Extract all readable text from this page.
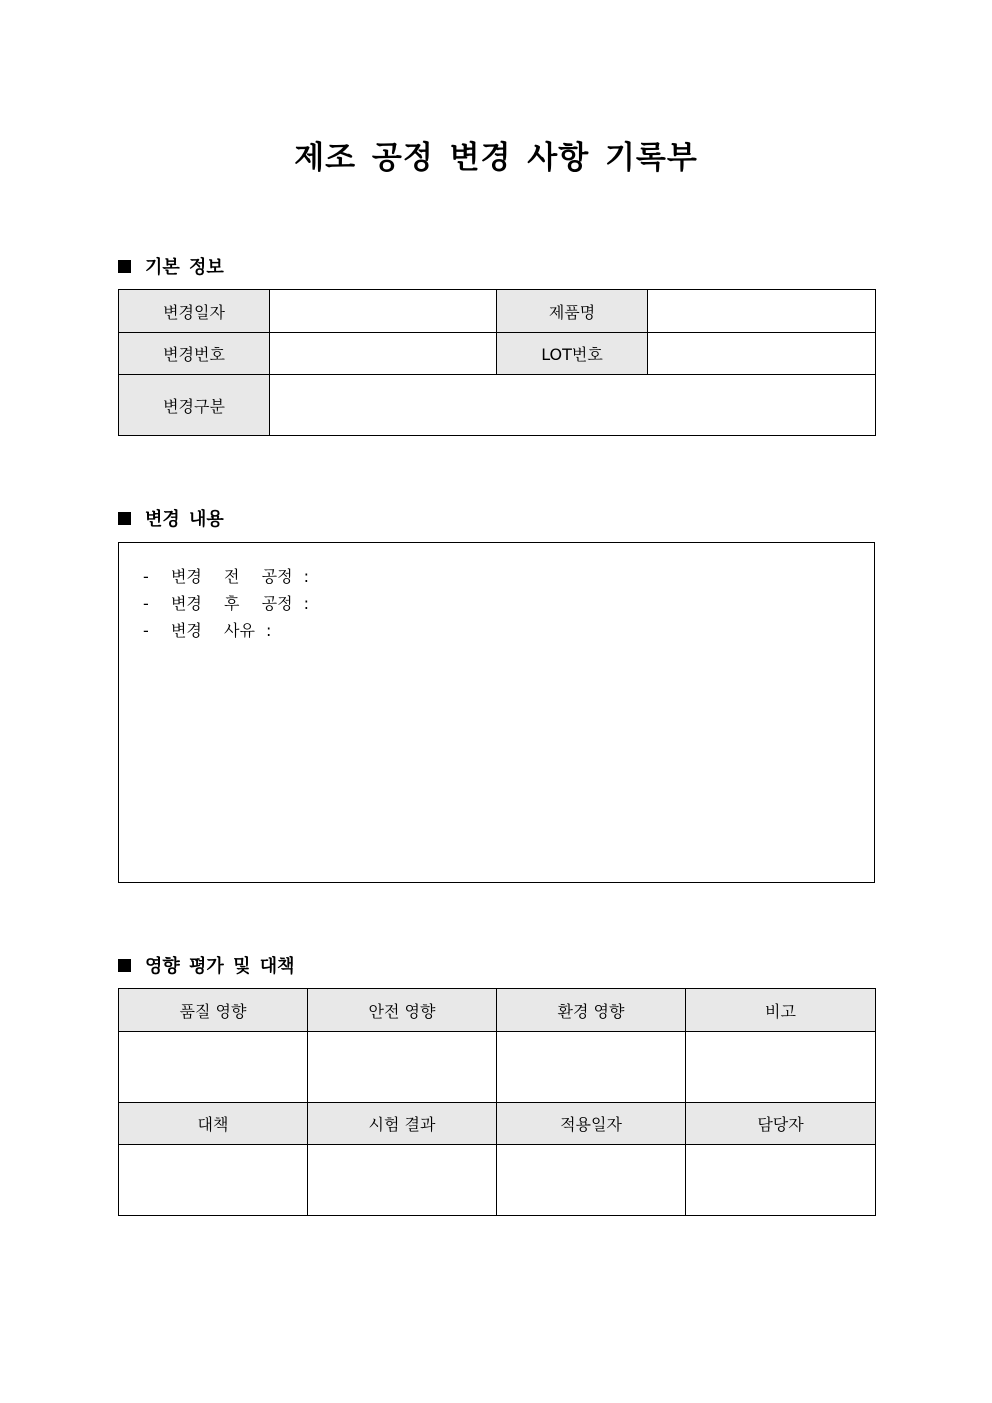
제조 공정 변경 사항 기록부
기본 정보
변경일자		제품명	
변경번호		LOT번호	
변경구분			
변경 내용
-  변경  전  공정 :
-  변경  후  공정 :
-  변경  사유 :
영향 평가 및 대책
품질 영향	안전 영향	환경 영향	비고

대책	시험 결과	적용일자	담당자
